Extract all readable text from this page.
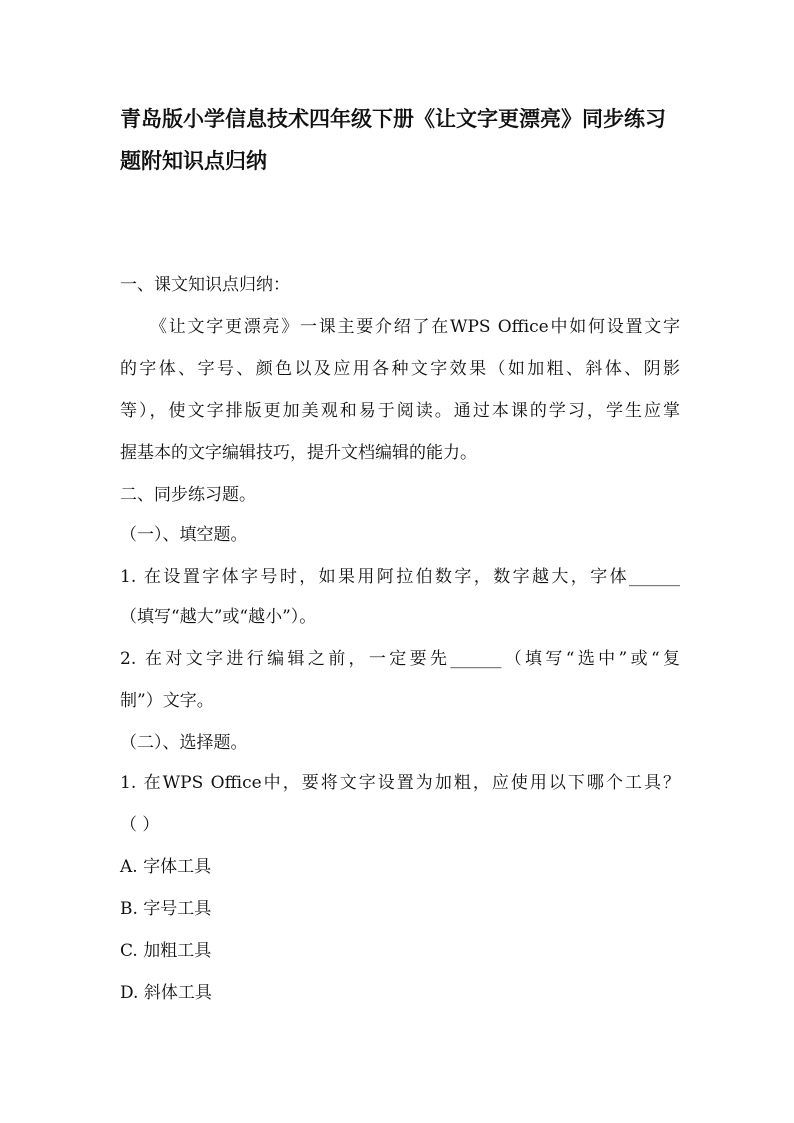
青岛版小学信息技术四年级下册《让文字更漂亮》同步练习
题附知识点归纳
一、课文知识点归纳：
《让文字更漂亮》一课主要介绍了在WPS Office中如何设置文字
的字体、字号、颜色以及应用各种文字效果（如加粗、斜体、阴影
等），使文字排版更加美观和易于阅读。通过本课的学习，学生应掌
握基本的文字编辑技巧，提升文档编辑的能力。
二、同步练习题。
（一）、填空题。
1. 在设置字体字号时，如果用阿拉伯数字，数字越大，字体______
（填写“越大”或“越小”）。
2. 在对文字进行编辑之前，一定要先______（填写“选中”或“复
制”）文字。
（二）、选择题。
1. 在WPS Office中，要将文字设置为加粗，应使用以下哪个工具？
（ ）
A. 字体工具
B. 字号工具
C. 加粗工具
D. 斜体工具
